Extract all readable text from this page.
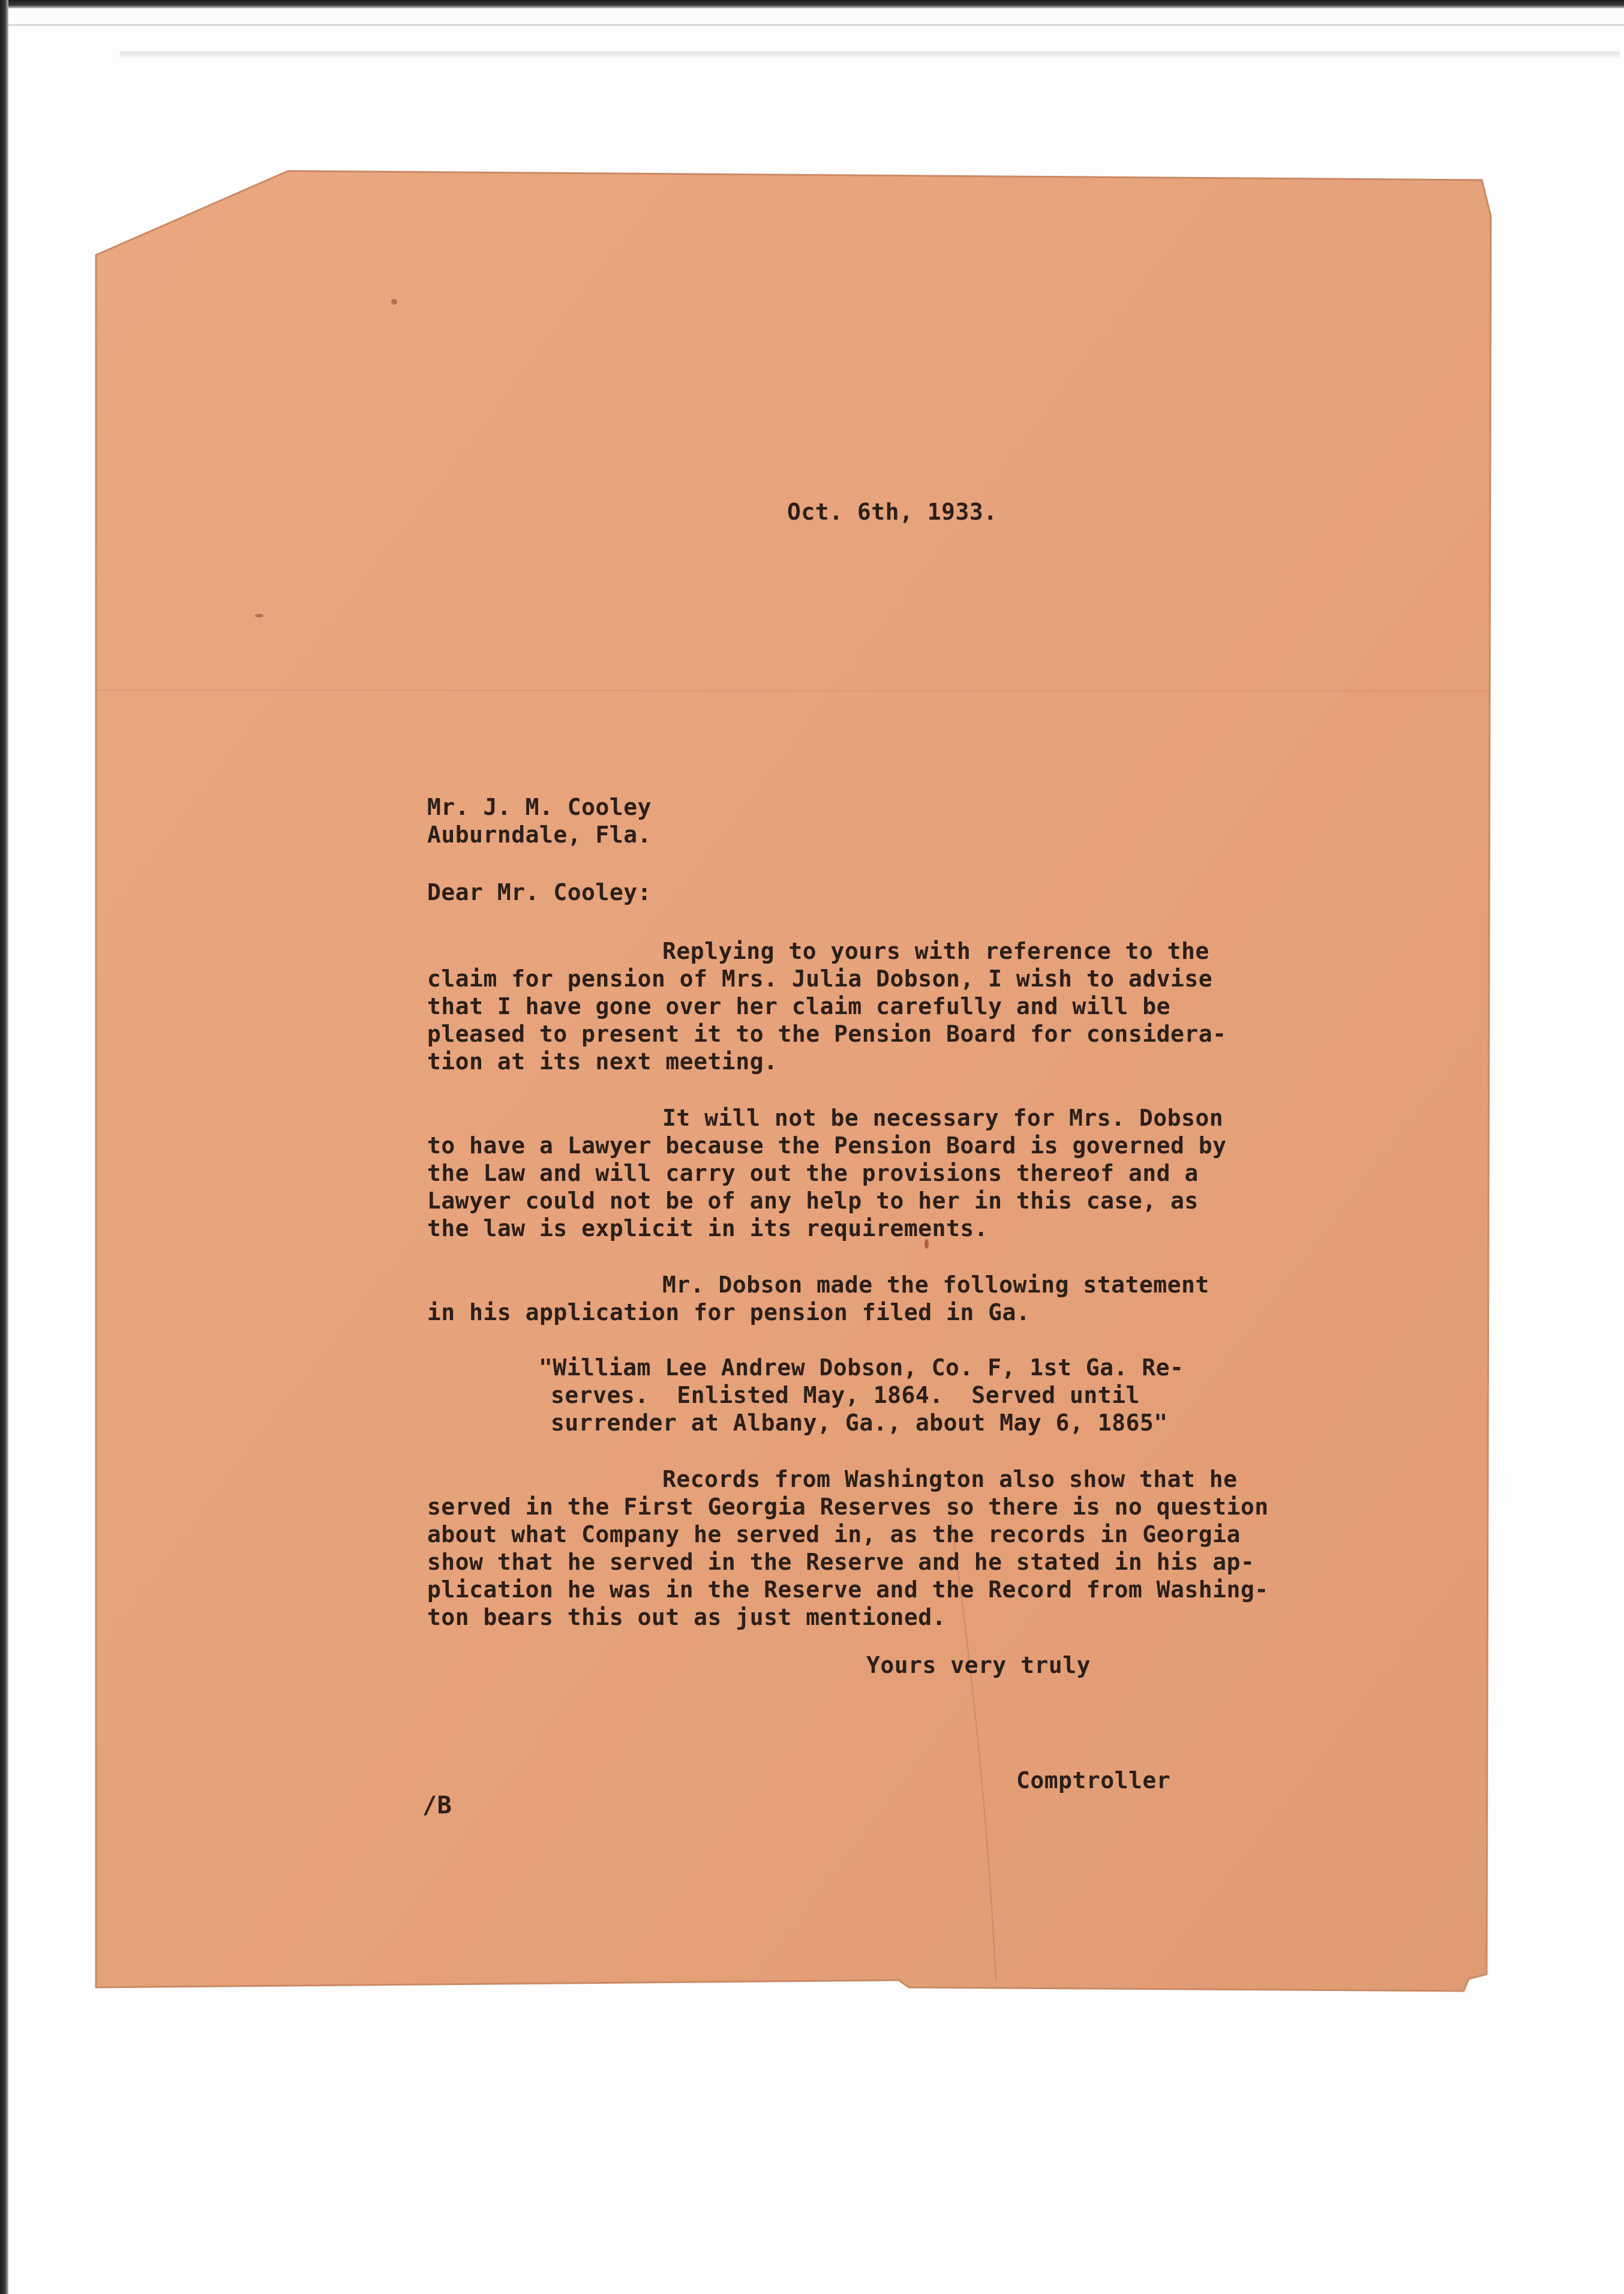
Oct. 6th, 1933.
Mr. J. M. Cooley
Auburndale, Fla.
Dear Mr. Cooley:
Replying to yours with reference to the
claim for pension of Mrs. Julia Dobson, I wish to advise
that I have gone over her claim carefully and will be
pleased to present it to the Pension Board for considera-
tion at its next meeting.
It will not be necessary for Mrs. Dobson
to have a Lawyer because the Pension Board is governed by
the Law and will carry out the provisions thereof and a
Lawyer could not be of any help to her in this case, as
the law is explicit in its requirements.
Mr. Dobson made the following statement
in his application for pension filed in Ga.
"William Lee Andrew Dobson, Co. F, 1st Ga. Re-
serves.  Enlisted May, 1864.  Served until
surrender at Albany, Ga., about May 6, 1865"
Records from Washington also show that he
served in the First Georgia Reserves so there is no question
about what Company he served in, as the records in Georgia
show that he served in the Reserve and he stated in his ap-
plication he was in the Reserve and the Record from Washing-
ton bears this out as just mentioned.
Yours very truly
Comptroller
/B
